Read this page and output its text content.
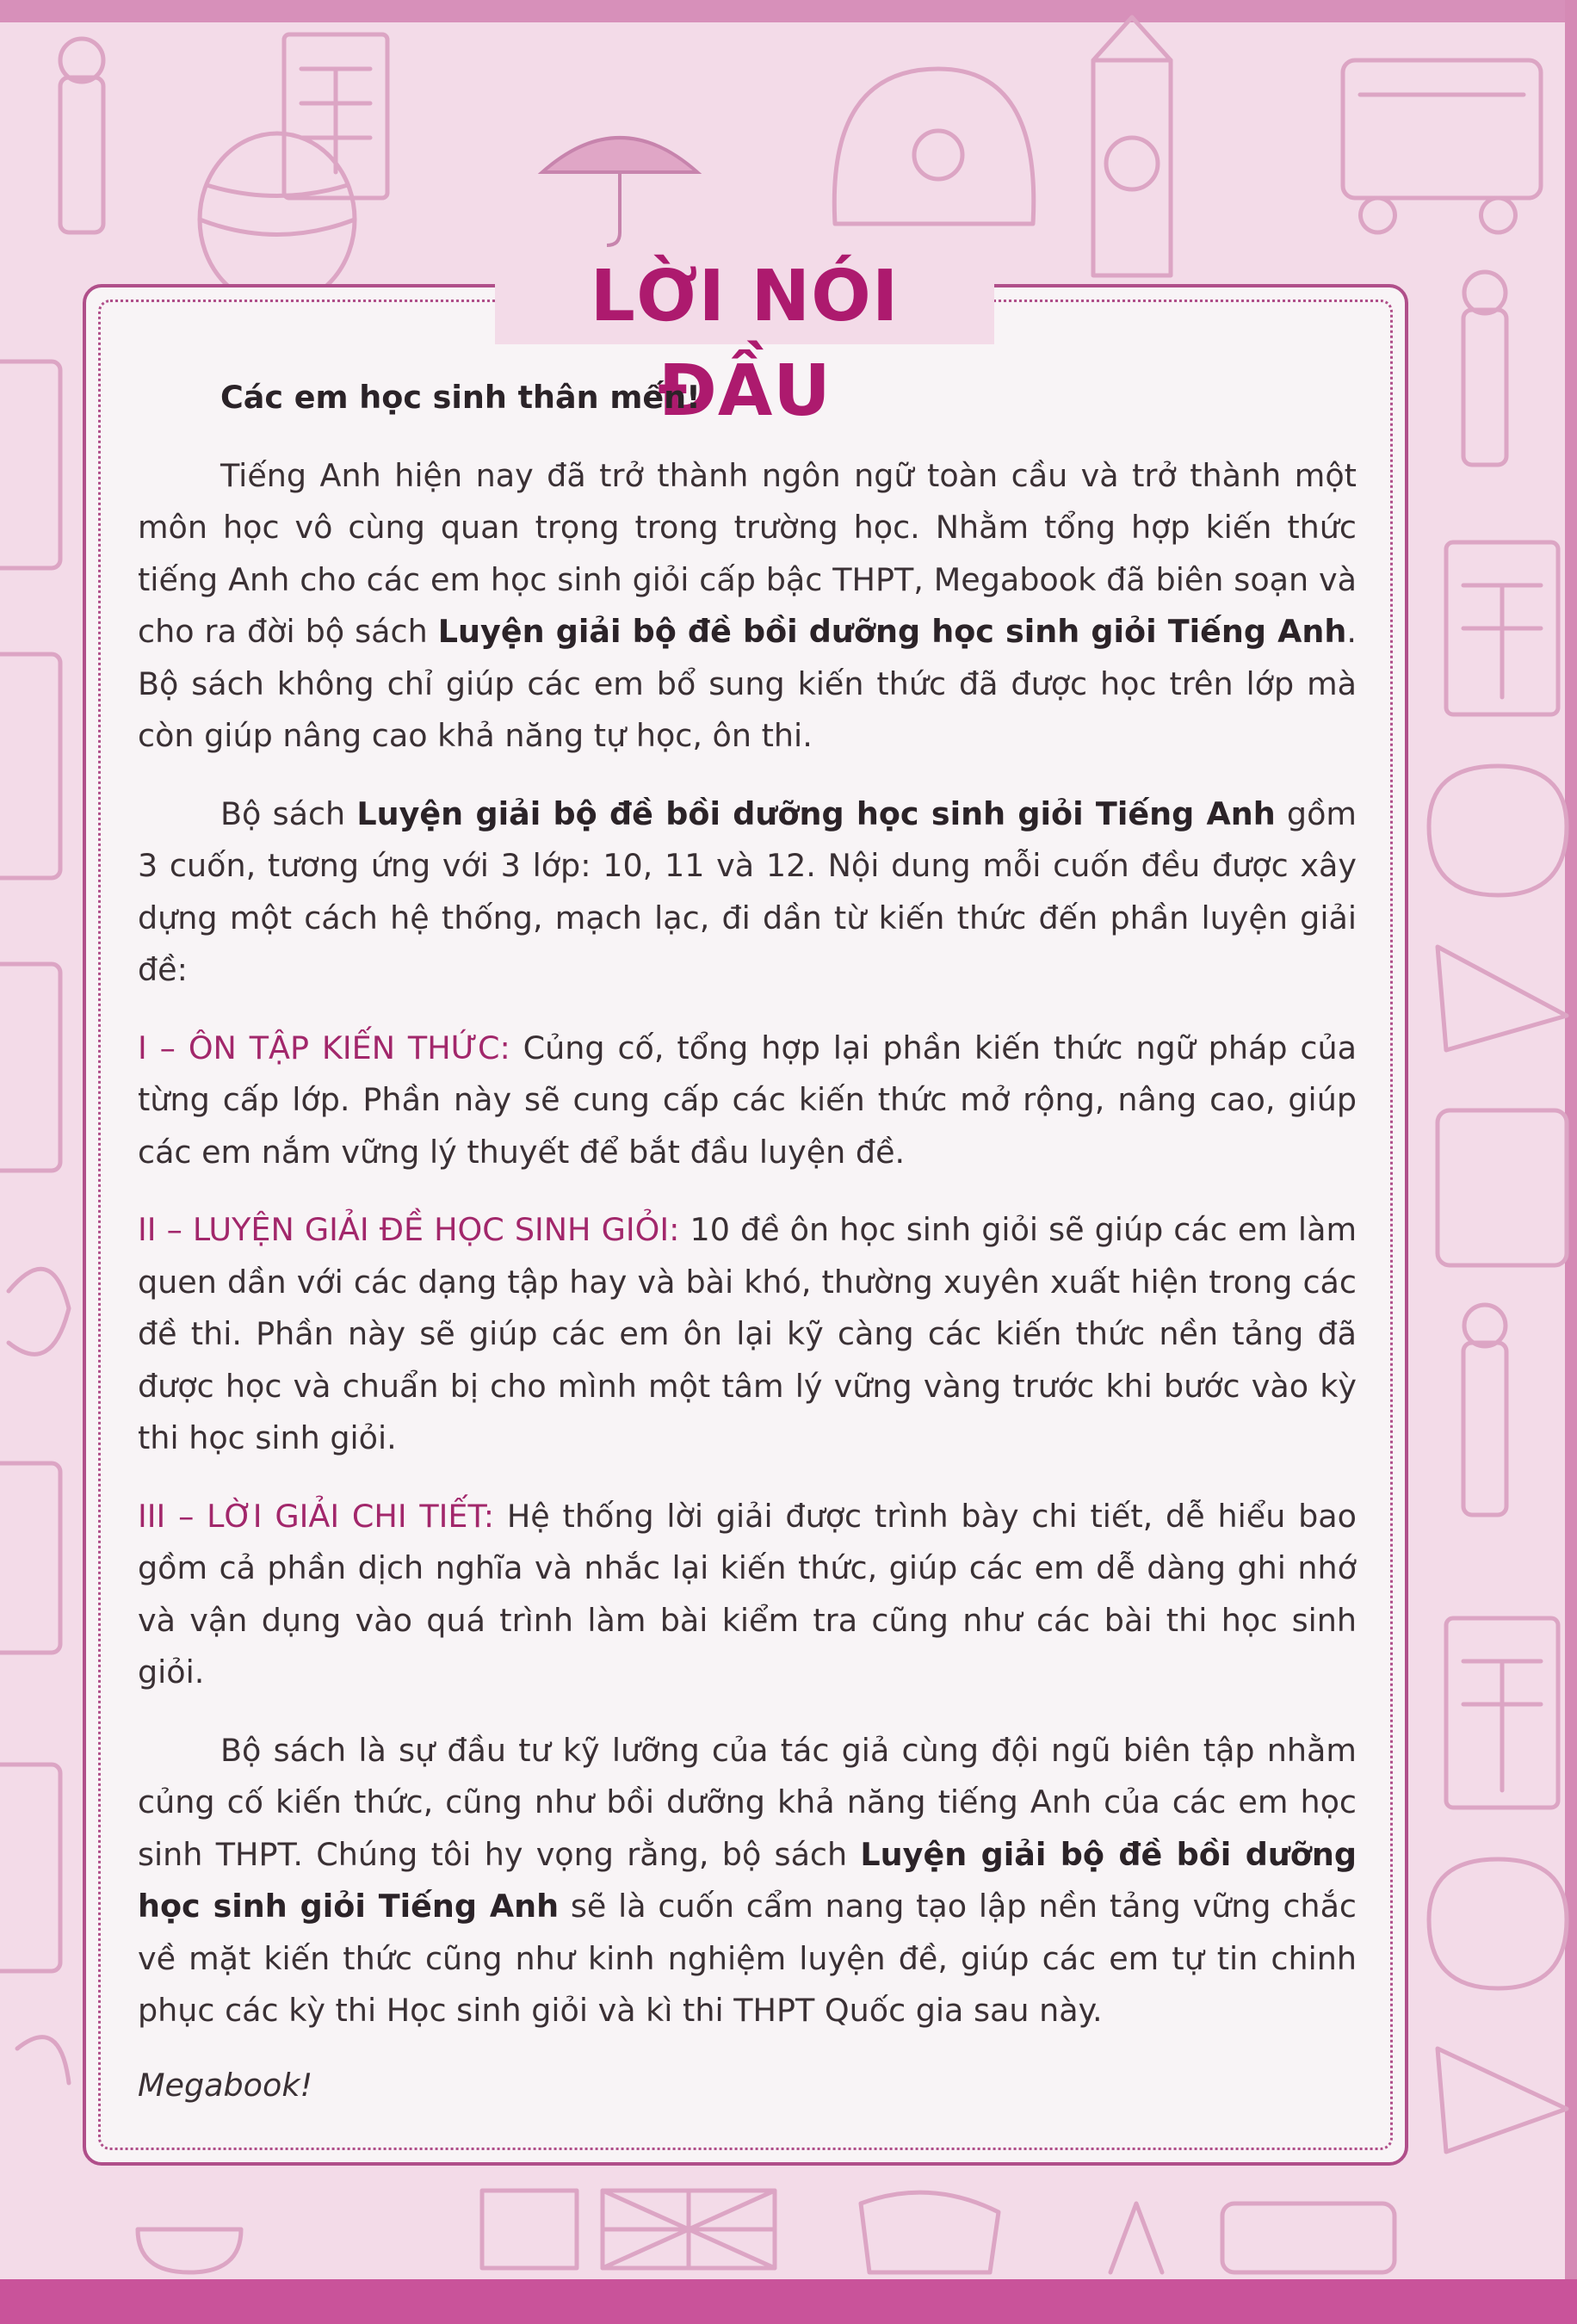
LỜI NÓI ĐẦU

Các em học sinh thân mến!

Tiếng Anh hiện nay đã trở thành ngôn ngữ toàn cầu và trở thành một môn học vô cùng quan trọng trong trường học. Nhằm tổng hợp kiến thức tiếng Anh cho các em học sinh giỏi cấp bậc THPT, Megabook đã biên soạn và cho ra đời bộ sách Luyện giải bộ đề bồi dưỡng học sinh giỏi Tiếng Anh. Bộ sách không chỉ giúp các em bổ sung kiến thức đã được học trên lớp mà còn giúp nâng cao khả năng tự học, ôn thi.

Bộ sách Luyện giải bộ đề bồi dưỡng học sinh giỏi Tiếng Anh gồm 3 cuốn, tương ứng với 3 lớp: 10, 11 và 12. Nội dung mỗi cuốn đều được xây dựng một cách hệ thống, mạch lạc, đi dần từ kiến thức đến phần luyện giải đề:

I – ÔN TẬP KIẾN THỨC: Củng cố, tổng hợp lại phần kiến thức ngữ pháp của từng cấp lớp. Phần này sẽ cung cấp các kiến thức mở rộng, nâng cao, giúp các em nắm vững lý thuyết để bắt đầu luyện đề.

II – LUYỆN GIẢI ĐỀ HỌC SINH GIỎI: 10 đề ôn học sinh giỏi sẽ giúp các em làm quen dần với các dạng tập hay và bài khó, thường xuyên xuất hiện trong các đề thi. Phần này sẽ giúp các em ôn lại kỹ càng các kiến thức nền tảng đã được học và chuẩn bị cho mình một tâm lý vững vàng trước khi bước vào kỳ thi học sinh giỏi.

III – LỜI GIẢI CHI TIẾT: Hệ thống lời giải được trình bày chi tiết, dễ hiểu bao gồm cả phần dịch nghĩa và nhắc lại kiến thức, giúp các em dễ dàng ghi nhớ và vận dụng vào quá trình làm bài kiểm tra cũng như các bài thi học sinh giỏi.

Bộ sách là sự đầu tư kỹ lưỡng của tác giả cùng đội ngũ biên tập nhằm củng cố kiến thức, cũng như bồi dưỡng khả năng tiếng Anh của các em học sinh THPT. Chúng tôi hy vọng rằng, bộ sách Luyện giải bộ đề bồi dưỡng học sinh giỏi Tiếng Anh sẽ là cuốn cẩm nang tạo lập nền tảng vững chắc về mặt kiến thức cũng như kinh nghiệm luyện đề, giúp các em tự tin chinh phục các kỳ thi Học sinh giỏi và kì thi THPT Quốc gia sau này.

Megabook!
